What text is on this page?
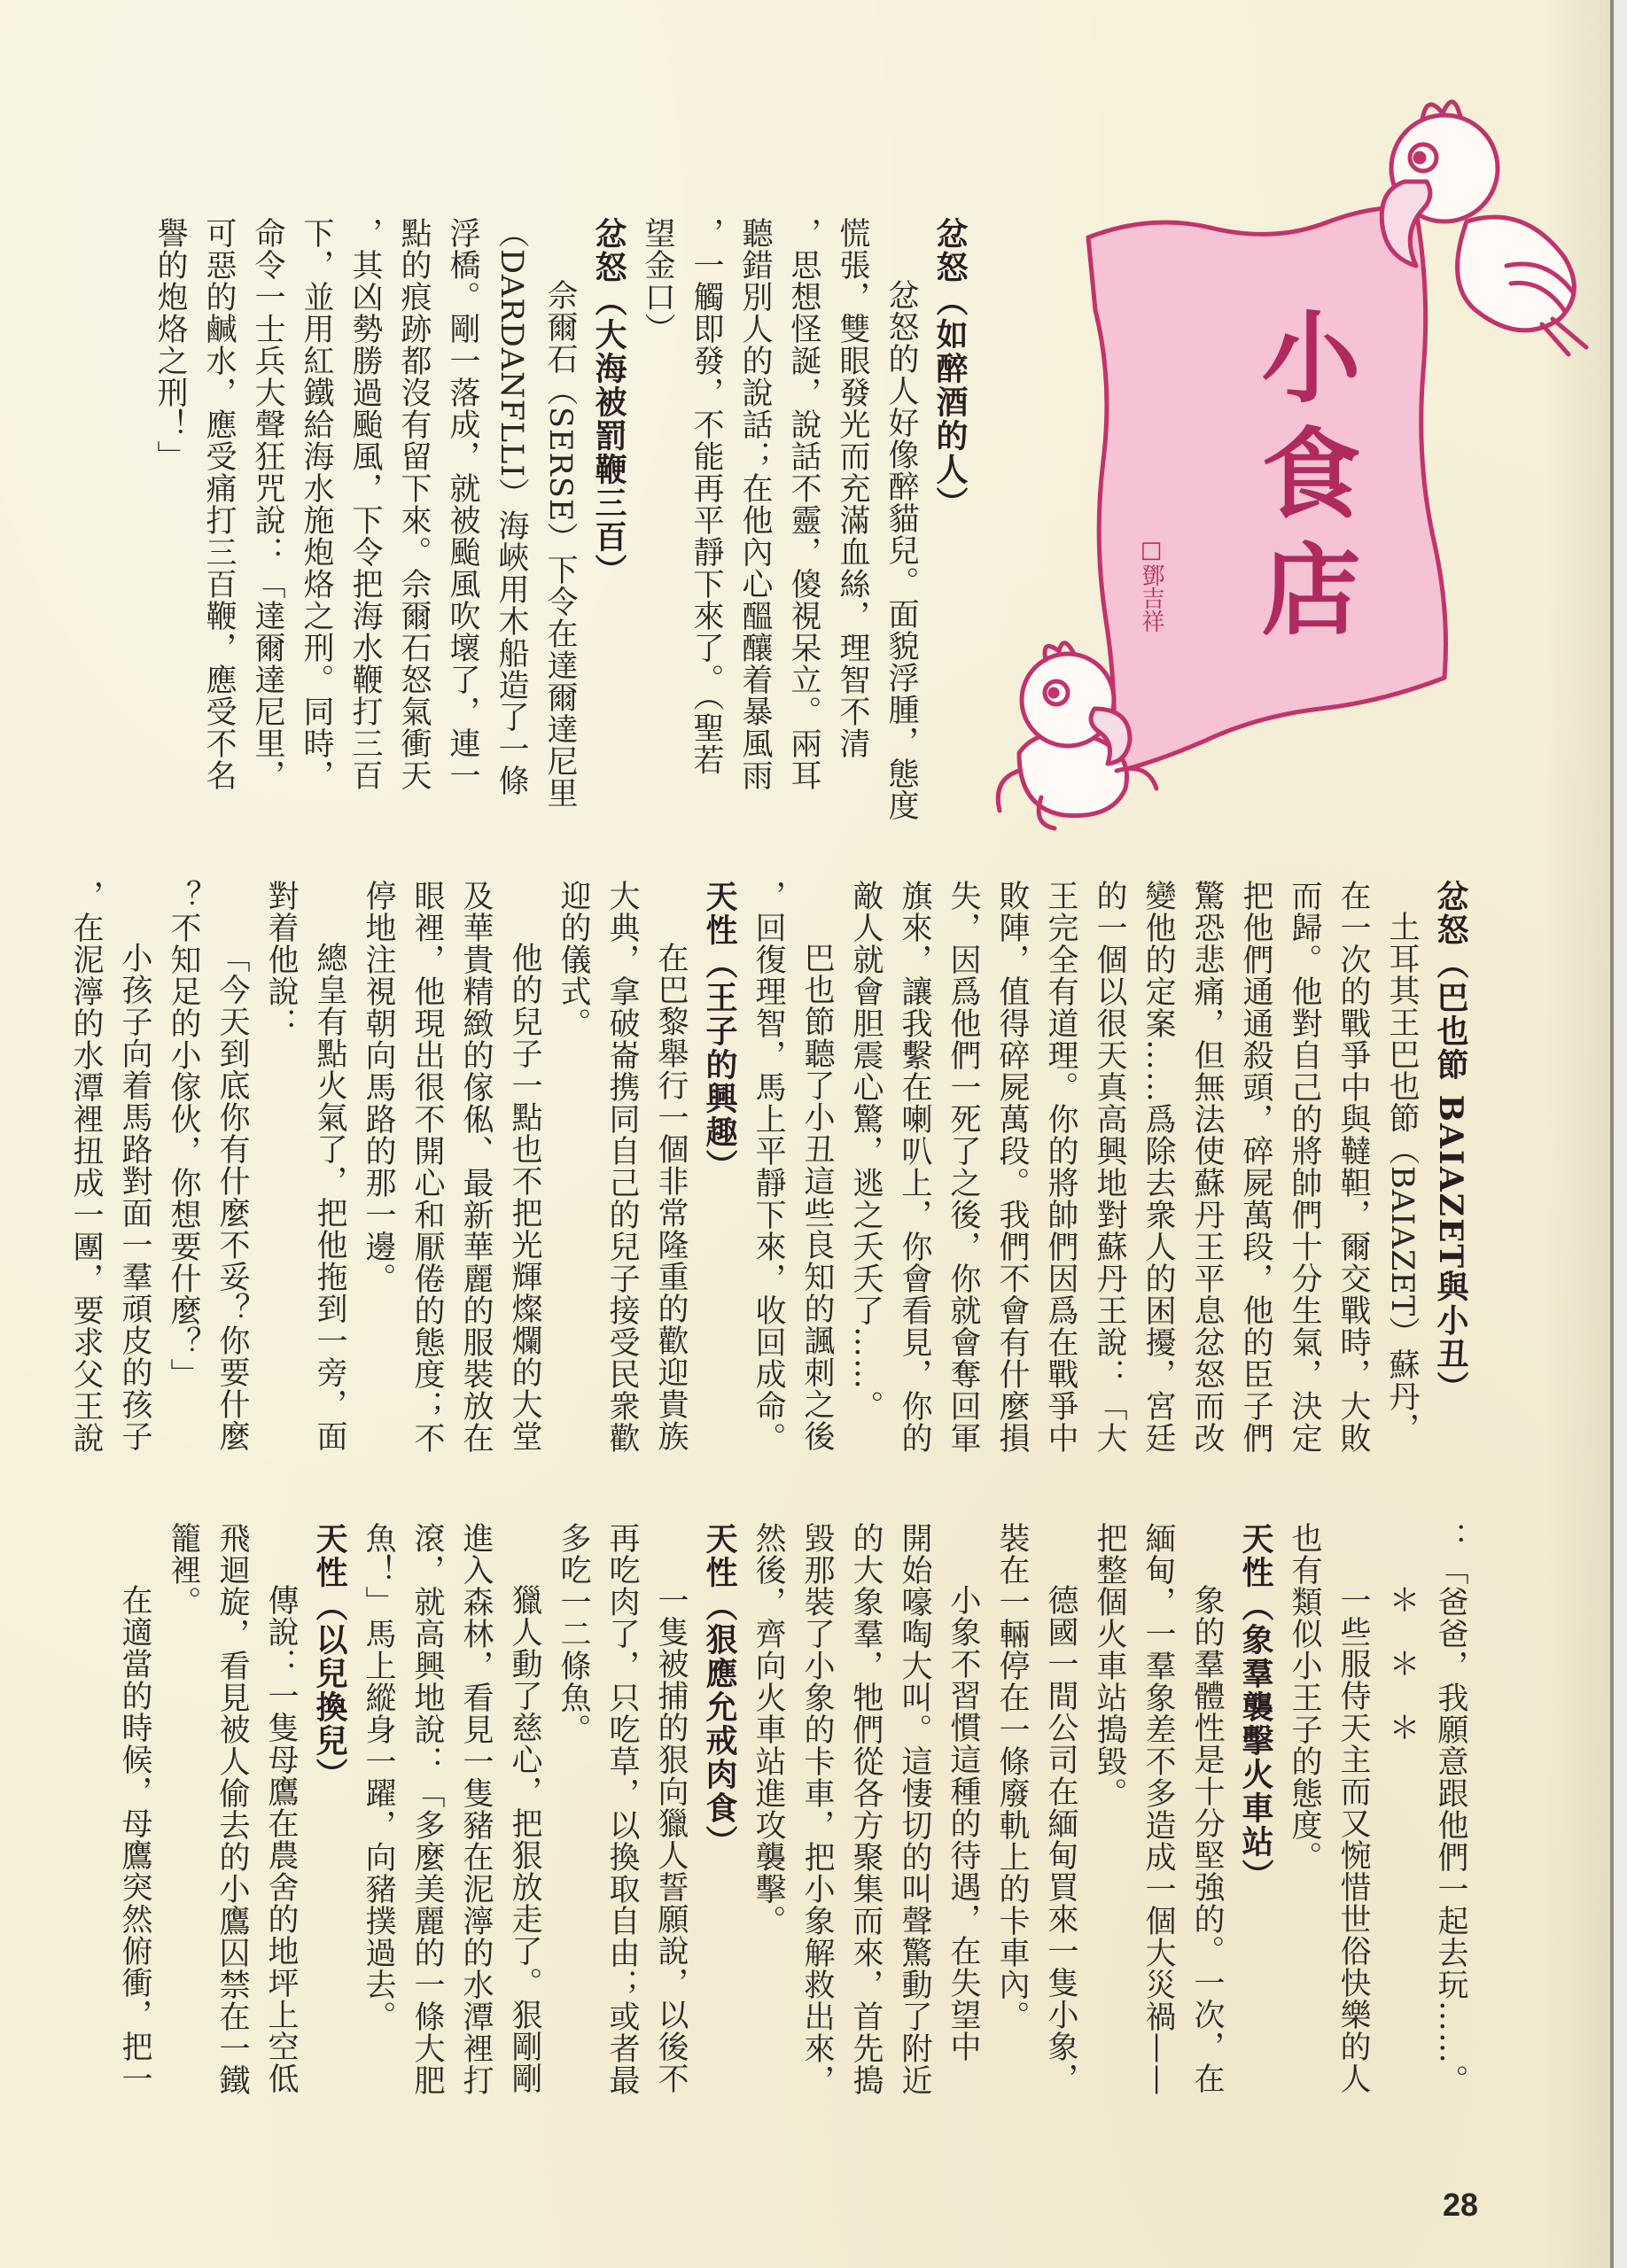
小食店
□鄧吉祥
忿怒（如醉酒的人）
忿怒的人好像醉貓兒。面貌浮腫，態度
慌張，雙眼發光而充滿血絲，理智不清
，思想怪誕，說話不靈，傻視呆立。兩耳
聽錯別人的說話；在他內心醞釀着暴風雨
，一觸即發，不能再平靜下來了。（聖若
望金口）
忿怒（大海被罰鞭三百）
佘爾石（SERSE）下令在達爾達尼里
（DARDANFLLI）海峽用木船造了一條
浮橋。剛一落成，就被颱風吹壞了，連一
點的痕跡都沒有留下來。佘爾石怒氣衝天
，其凶勢勝過颱風，下令把海水鞭打三百
下，並用紅鐵給海水施炮烙之刑。同時，
命令一士兵大聲狂咒說：「達爾達尼里，
可惡的鹹水，應受痛打三百鞭，應受不名
譽的炮烙之刑！」
忿怒（巴也節 BAIAZET與小丑）
土耳其王巴也節（BAIAZET）蘇丹，
在一次的戰爭中與韃靼，爾交戰時，大敗
而歸。他對自己的將帥們十分生氣，決定
把他們通通殺頭，碎屍萬段，他的臣子們
驚恐悲痛，但無法使蘇丹王平息忿怒而改
變他的定案……爲除去衆人的困擾，宮廷
的一個以很天真高興地對蘇丹王說：「大
王完全有道理。你的將帥們因爲在戰爭中
敗陣，值得碎屍萬段。我們不會有什麼損
失，因爲他們一死了之後，你就會奪回軍
旗來，讓我繫在喇叭上，你會看見，你的
敵人就會胆震心驚，逃之夭夭了……。
巴也節聽了小丑這些良知的諷刺之後
，回復理智，馬上平靜下來，收回成命。
天性（王子的興趣）
在巴黎舉行一個非常隆重的歡迎貴族
大典，拿破崙携同自己的兒子接受民衆歡
迎的儀式。
他的兒子一點也不把光輝燦爛的大堂
及華貴精緻的傢俬、最新華麗的服裝放在
眼裡，他現出很不開心和厭倦的態度；不
停地注視朝向馬路的那一邊。
總皇有點火氣了，把他拖到一旁，面
對着他說：
「今天到底你有什麼不妥？你要什麼
？不知足的小傢伙，你想要什麼？」
小孩子向着馬路對面一羣頑皮的孩子
，在泥濘的水潭裡扭成一團，要求父王說
：「爸爸，我願意跟他們一起去玩……。
＊　＊　＊
一些服侍天主而又惋惜世俗快樂的人
也有類似小王子的態度。
天性（象羣襲擊火車站）
象的羣體性是十分堅強的。一次，在
緬甸，一羣象差不多造成一個大災禍——
把整個火車站搗毀。
德國一間公司在緬甸買來一隻小象，
裝在一輛停在一條廢軌上的卡車內。
小象不習慣這種的待遇，在失望中
開始嚎啕大叫。這悽切的叫聲驚動了附近
的大象羣，牠們從各方聚集而來，首先搗
毀那裝了小象的卡車，把小象解救出來，
然後，齊向火車站進攻襲擊。
天性（狠應允戒肉食）
一隻被捕的狠向獵人誓願說，以後不
再吃肉了，只吃草，以換取自由；或者最
多吃一二條魚。
獵人動了慈心，把狠放走了。狠剛剛
進入森林，看見一隻豬在泥濘的水潭裡打
滾，就高興地說：「多麼美麗的一條大肥
魚！」馬上縱身一躍，向豬撲過去。
天性（以兒換兒）
傳說：一隻母鷹在農舍的地坪上空低
飛迴旋，看見被人偷去的小鷹囚禁在一鐵
籠裡。
在適當的時候，母鷹突然俯衝，把一
28
